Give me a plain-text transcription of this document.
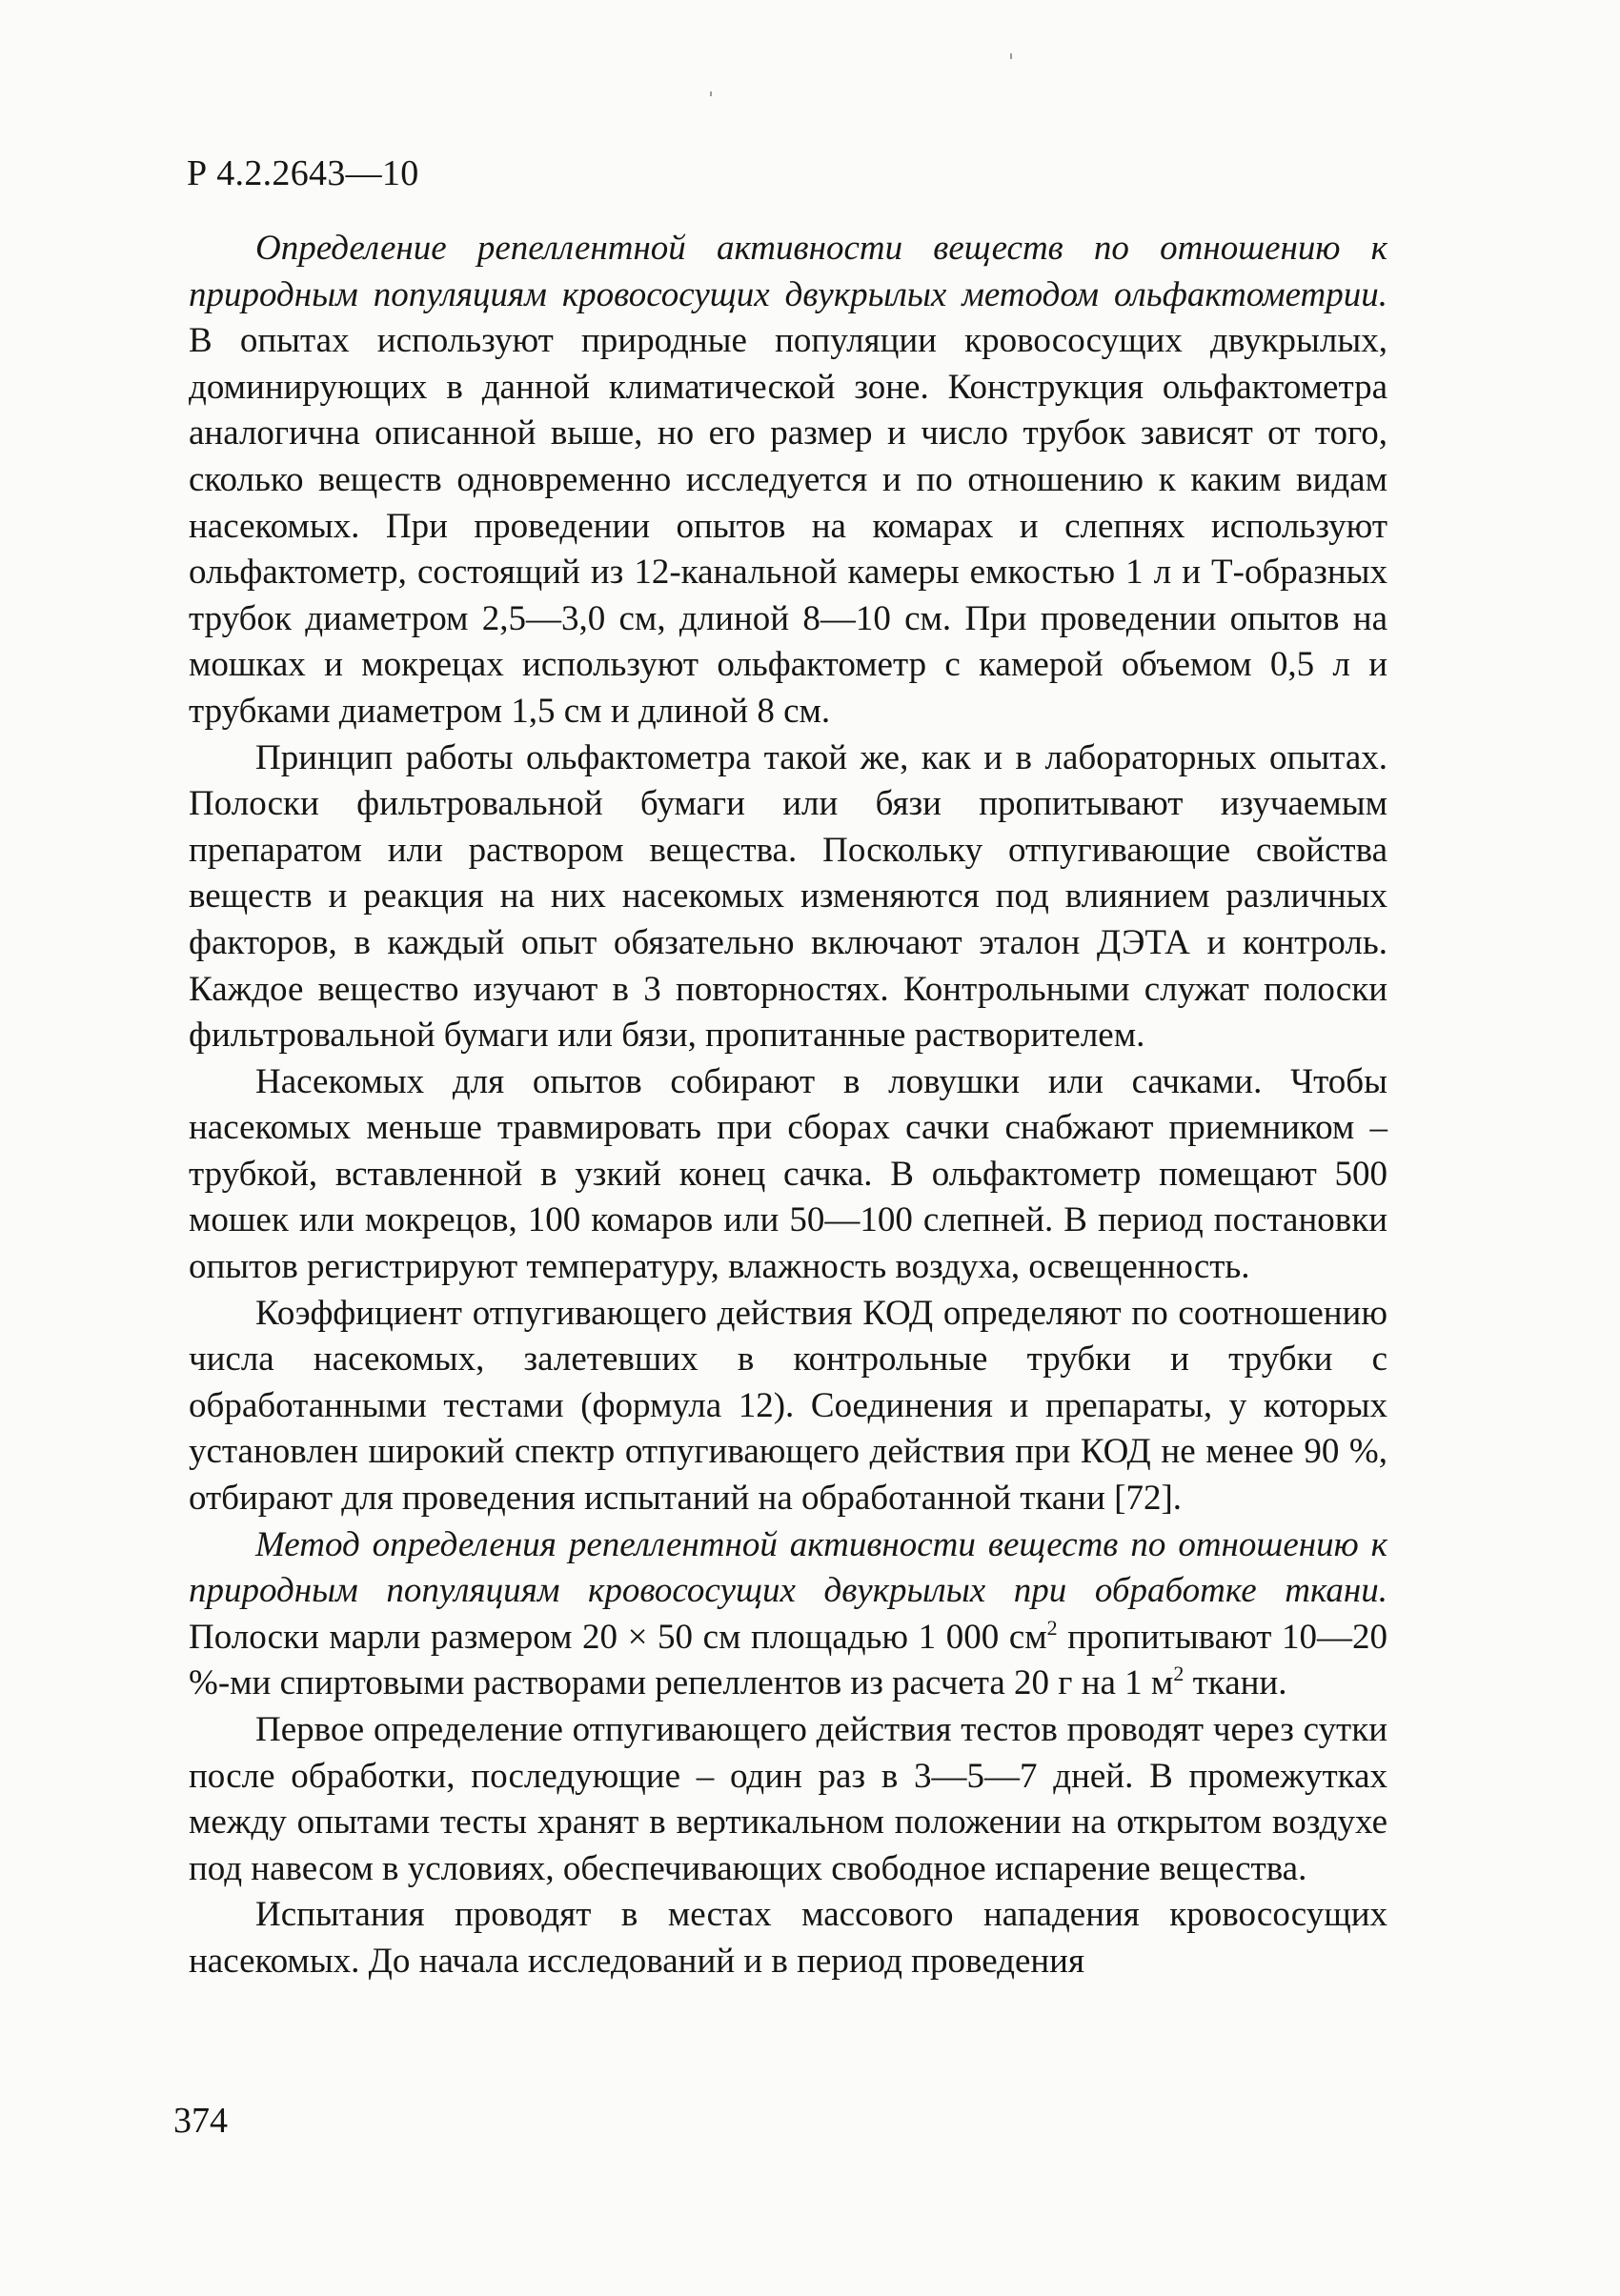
Р 4.2.2643—10

Определение репеллентной активности веществ по отношению к природным популяциям кровососущих двукрылых методом ольфактометрии. В опытах используют природные популяции кровососущих двукрылых, доминирующих в данной климатической зоне. Конструкция ольфактометра аналогична описанной выше, но его размер и число трубок зависят от того, сколько веществ одновременно исследуется и по отношению к каким видам насекомых. При проведении опытов на комарах и слепнях используют ольфактометр, состоящий из 12-канальной камеры емкостью 1 л и Т-образных трубок диаметром 2,5—3,0 см, длиной 8—10 см. При проведении опытов на мошках и мокрецах используют ольфактометр с камерой объемом 0,5 л и трубками диаметром 1,5 см и длиной 8 см.

Принцип работы ольфактометра такой же, как и в лабораторных опытах. Полоски фильтровальной бумаги или бязи пропитывают изучаемым препаратом или раствором вещества. Поскольку отпугивающие свойства веществ и реакция на них насекомых изменяются под влиянием различных факторов, в каждый опыт обязательно включают эталон ДЭТА и контроль. Каждое вещество изучают в 3 повторностях. Контрольными служат полоски фильтровальной бумаги или бязи, пропитанные растворителем.

Насекомых для опытов собирают в ловушки или сачками. Чтобы насекомых меньше травмировать при сборах сачки снабжают приемником – трубкой, вставленной в узкий конец сачка. В ольфактометр помещают 500 мошек или мокрецов, 100 комаров или 50—100 слепней. В период постановки опытов регистрируют температуру, влажность воздуха, освещенность.

Коэффициент отпугивающего действия КОД определяют по соотношению числа насекомых, залетевших в контрольные трубки и трубки с обработанными тестами (формула 12). Соединения и препараты, у которых установлен широкий спектр отпугивающего действия при КОД не менее 90 %, отбирают для проведения испытаний на обработанной ткани [72].

Метод определения репеллентной активности веществ по отношению к природным популяциям кровососущих двукрылых при обработке ткани. Полоски марли размером 20 × 50 см площадью 1 000 $см^2$ пропитывают 10—20 %-ми спиртовыми растворами репеллентов из расчета 20 г на 1 $м^2$ ткани.

Первое определение отпугивающего действия тестов проводят через сутки после обработки, последующие – один раз в 3—5—7 дней. В промежутках между опытами тесты хранят в вертикальном положении на открытом воздухе под навесом в условиях, обеспечивающих свободное испарение вещества.

Испытания проводят в местах массового нападения кровососущих насекомых. До начала исследований и в период проведения

374
